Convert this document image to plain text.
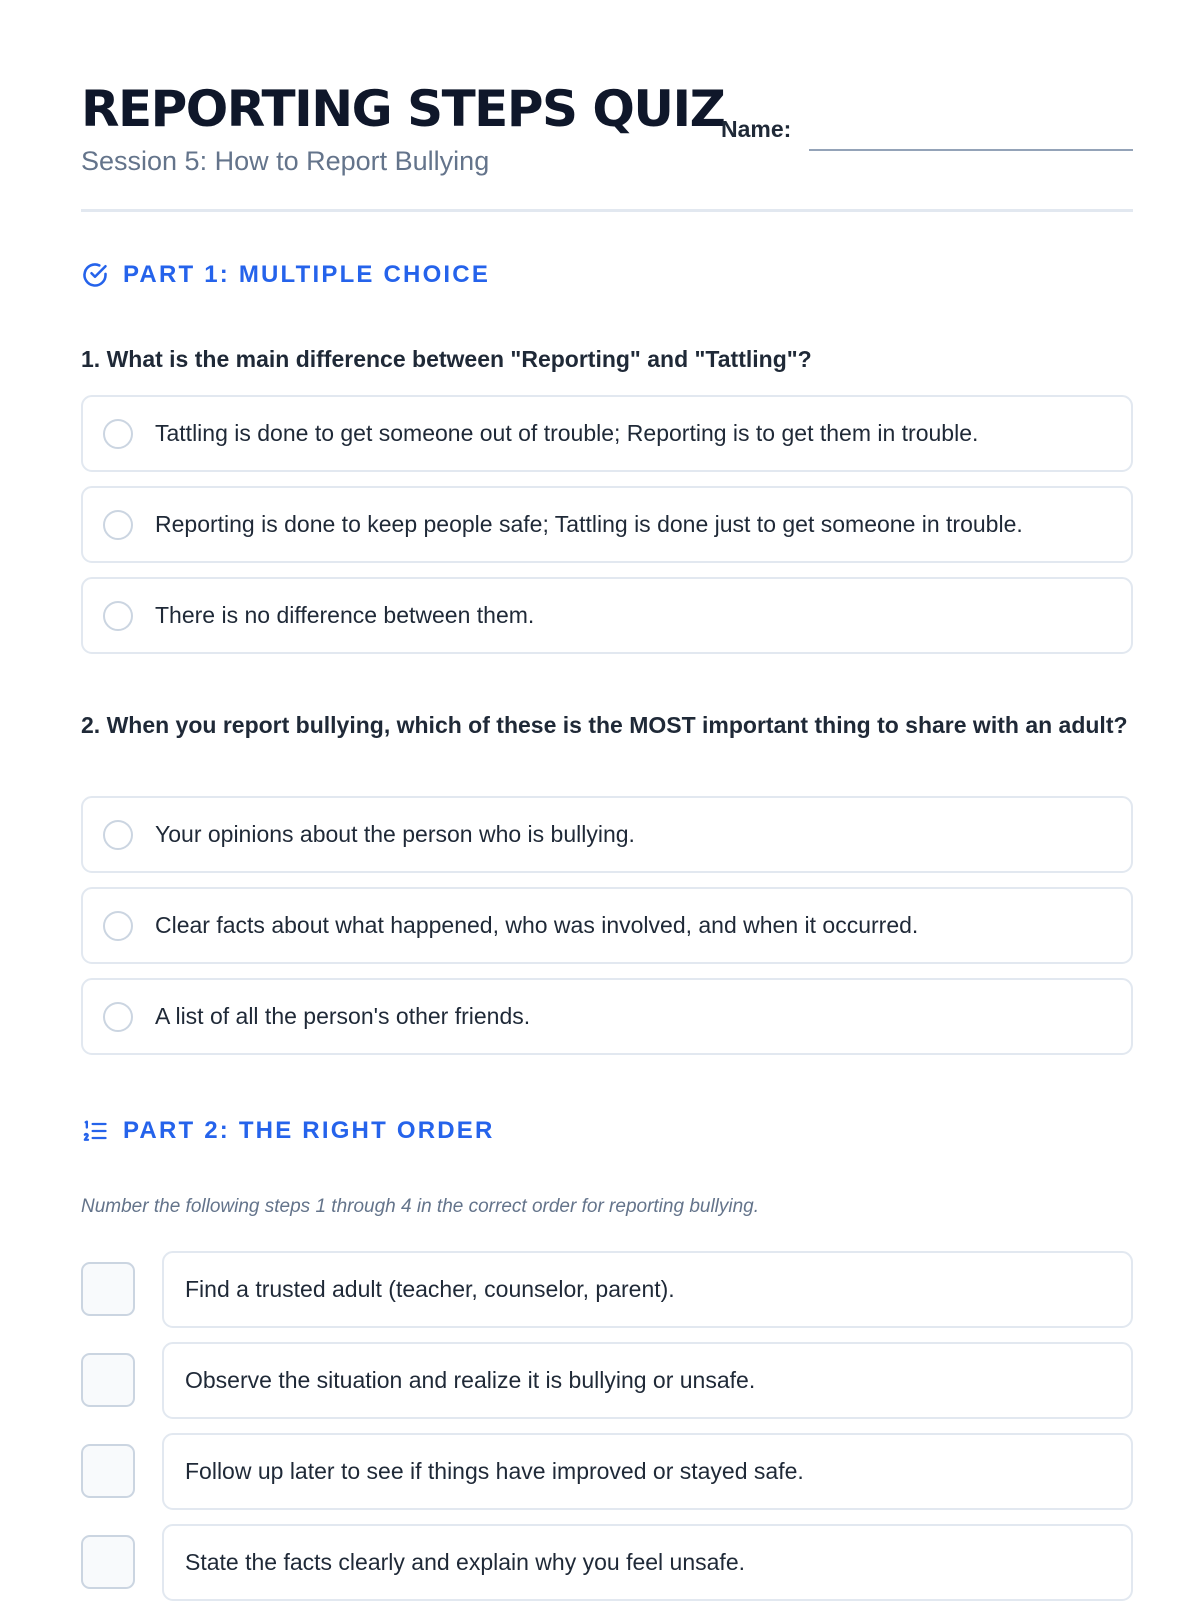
REPORTING STEPS QUIZ
Session 5: How to Report Bullying
Name:
PART 1: MULTIPLE CHOICE
1. What is the main difference between "Reporting" and "Tattling"?
Tattling is done to get someone out of trouble; Reporting is to get them in trouble.
Reporting is done to keep people safe; Tattling is done just to get someone in trouble.
There is no difference between them.
2. When you report bullying, which of these is the MOST important thing to share with an adult?
Your opinions about the person who is bullying.
Clear facts about what happened, who was involved, and when it occurred.
A list of all the person's other friends.
PART 2: THE RIGHT ORDER
Number the following steps 1 through 4 in the correct order for reporting bullying.
Find a trusted adult (teacher, counselor, parent).
Observe the situation and realize it is bullying or unsafe.
Follow up later to see if things have improved or stayed safe.
State the facts clearly and explain why you feel unsafe.
